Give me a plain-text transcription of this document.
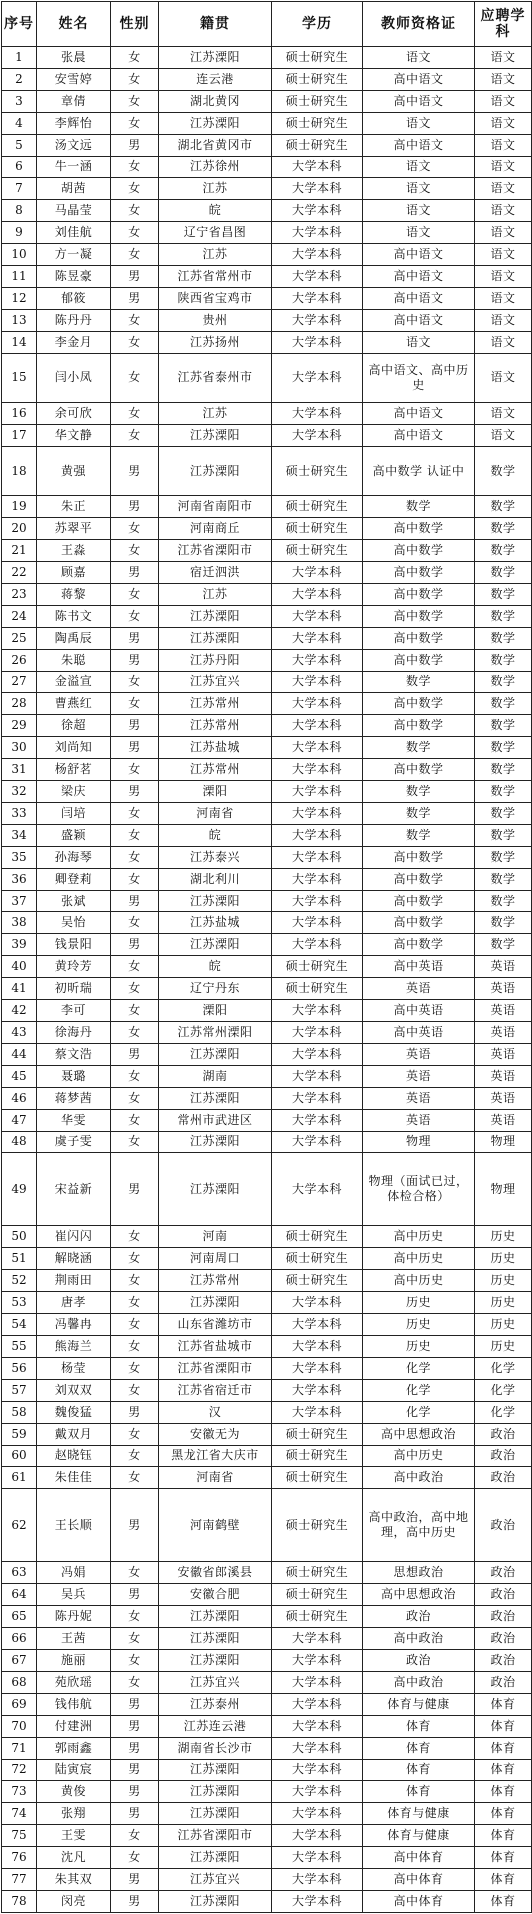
序号	姓名	性别	籍贯	学历	教师资格证	应聘学科
1	张晨	女	江苏溧阳	硕士研究生	语文	语文
2	安雪婷	女	连云港	硕士研究生	高中语文	语文
3	章倩	女	湖北黄冈	硕士研究生	高中语文	语文
4	李辉怡	女	江苏溧阳	硕士研究生	语文	语文
5	汤文远	男	湖北省黄冈市	硕士研究生	高中语文	语文
6	牛一涵	女	江苏徐州	大学本科	语文	语文
7	胡茜	女	江苏	大学本科	语文	语文
8	马晶莹	女	皖	大学本科	语文	语文
9	刘佳航	女	辽宁省昌图	大学本科	语文	语文
10	方一凝	女	江苏	大学本科	高中语文	语文
11	陈昱豪	男	江苏省常州市	大学本科	高中语文	语文
12	郁筱	男	陕西省宝鸡市	大学本科	高中语文	语文
13	陈丹丹	女	贵州	大学本科	高中语文	语文
14	李金月	女	江苏扬州	大学本科	语文	语文
15	闫小凤	女	江苏省泰州市	大学本科	高中语文、高中历史	语文
16	余可欣	女	江苏	大学本科	高中语文	语文
17	华文静	女	江苏溧阳	大学本科	高中语文	语文
18	黄强	男	江苏溧阳	硕士研究生	高中数学 认证中	数学
19	朱正	男	河南省南阳市	硕士研究生	数学	数学
20	苏翠平	女	河南商丘	硕士研究生	高中数学	数学
21	王淼	女	江苏省溧阳市	硕士研究生	高中数学	数学
22	顾嘉	男	宿迁泗洪	大学本科	高中数学	数学
23	蒋黎	女	江苏	大学本科	高中数学	数学
24	陈书文	女	江苏溧阳	大学本科	高中数学	数学
25	陶禹辰	男	江苏溧阳	大学本科	高中数学	数学
26	朱聪	男	江苏丹阳	大学本科	高中数学	数学
27	金溢宣	女	江苏宜兴	大学本科	数学	数学
28	曹燕红	女	江苏常州	大学本科	高中数学	数学
29	徐超	男	江苏常州	大学本科	高中数学	数学
30	刘尚知	男	江苏盐城	大学本科	数学	数学
31	杨舒茗	女	江苏常州	大学本科	高中数学	数学
32	梁庆	男	溧阳	大学本科	数学	数学
33	闫培	女	河南省	大学本科	数学	数学
34	盛颖	女	皖	大学本科	数学	数学
35	孙海琴	女	江苏泰兴	大学本科	高中数学	数学
36	卿登莉	女	湖北利川	大学本科	高中数学	数学
37	张斌	男	江苏溧阳	大学本科	高中数学	数学
38	吴怡	女	江苏盐城	大学本科	高中数学	数学
39	钱景阳	男	江苏溧阳	大学本科	高中数学	数学
40	黄玲芳	女	皖	硕士研究生	高中英语	英语
41	初昕瑞	女	辽宁丹东	硕士研究生	英语	英语
42	李可	女	溧阳	大学本科	高中英语	英语
43	徐海丹	女	江苏常州溧阳	大学本科	高中英语	英语
44	蔡文浩	男	江苏溧阳	大学本科	英语	英语
45	聂璐	女	湖南	大学本科	英语	英语
46	蒋梦茜	女	江苏溧阳	大学本科	英语	英语
47	华雯	女	常州市武进区	大学本科	英语	英语
48	虞子雯	女	江苏溧阳	大学本科	物理	物理
49	宋益新	男	江苏溧阳	大学本科	物理（面试已过，体检合格）	物理
50	崔闪闪	女	河南	硕士研究生	高中历史	历史
51	解晓涵	女	河南周口	硕士研究生	高中历史	历史
52	荆雨田	女	江苏常州	硕士研究生	高中历史	历史
53	唐孝	女	江苏溧阳	大学本科	历史	历史
54	冯馨冉	女	山东省潍坊市	大学本科	历史	历史
55	熊海兰	女	江苏省盐城市	大学本科	历史	历史
56	杨莹	女	江苏省溧阳市	大学本科	化学	化学
57	刘双双	女	江苏省宿迁市	大学本科	化学	化学
58	魏俊猛	男	汉	大学本科	化学	化学
59	戴双月	女	安徽无为	硕士研究生	高中思想政治	政治
60	赵晓钰	女	黑龙江省大庆市	硕士研究生	高中历史	政治
61	朱佳佳	女	河南省	硕士研究生	高中政治	政治
62	王长顺	男	河南鹤壁	硕士研究生	高中政治，高中地理，高中历史	政治
63	冯娟	女	安徽省郎溪县	硕士研究生	思想政治	政治
64	吴兵	男	安徽合肥	硕士研究生	高中思想政治	政治
65	陈丹妮	女	江苏溧阳	硕士研究生	政治	政治
66	王茜	女	江苏溧阳	大学本科	高中政治	政治
67	施丽	女	江苏溧阳	大学本科	政治	政治
68	苑欣瑶	女	江苏宜兴	大学本科	高中政治	政治
69	钱伟航	男	江苏泰州	大学本科	体育与健康	体育
70	付建洲	男	江苏连云港	大学本科	体育	体育
71	郭雨鑫	男	湖南省长沙市	大学本科	体育	体育
72	陆寅宸	男	江苏溧阳	大学本科	体育	体育
73	黄俊	男	江苏溧阳	大学本科	体育	体育
74	张翔	男	江苏溧阳	大学本科	体育与健康	体育
75	王雯	女	江苏省溧阳市	大学本科	体育与健康	体育
76	沈凡	女	江苏溧阳	大学本科	高中体育	体育
77	朱其双	男	江苏宜兴	大学本科	高中体育	体育
78	闵亮	男	江苏溧阳	大学本科	高中体育	体育
